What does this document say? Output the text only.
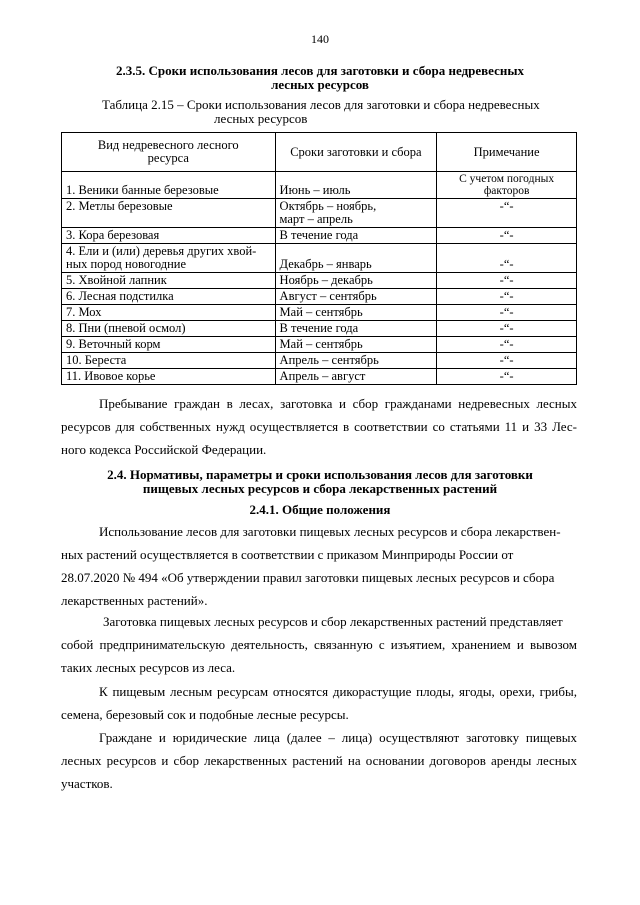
140
2.3.5. Сроки использования лесов для заготовки и сбора недревесных
лесных ресурсов
Таблица 2.15 – Сроки использования лесов для заготовки и сбора недревесных
лесных ресурсов
Вид недревесного лесного
ресурса	Сроки заготовки и сбора	Примечание
1. Веники банные березовые	Июнь – июль	С учетом погодных
факторов

2. Метлы березовые	Октябрь – ноябрь,
март – апрель	-“-
3. Кора березовая	В течение года	-“-

4. Ели и (или) деревья других хвой-
ных пород новогодние	Декабрь – январь	-“-
5. Хвойной лапник	Ноябрь – декабрь	-“-
6. Лесная подстилка	Август – сентябрь	-“-
7. Мох	Май – сентябрь	-“-
8. Пни (пневой осмол)	В течение года	-“-
9. Веточный корм	Май – сентябрь	-“-
10. Береста	Апрель – сентябрь	-“-
11. Ивовое корье	Апрель – август	-“-

Пребывание граждан в лесах, заготовка и сбор гражданами недревесных лесных
ресурсов для собственных нужд осуществляется в соответствии со статьями 11 и 33 Лес-
ного кодекса Российской Федерации.

2.4. Нормативы, параметры и сроки использования лесов для заготовки
пищевых лесных ресурсов и сбора лекарственных растений
2.4.1. Общие положения

Использование лесов для заготовки пищевых лесных ресурсов и сбора лекарствен-
ных растений осуществляется в соответствии с приказом Минприроды России от
28.07.2020 № 494 «Об утверждении правил заготовки пищевых лесных ресурсов и сбора
лекарственных растений».

Заготовка пищевых лесных ресурсов и сбор лекарственных растений представляет
собой предпринимательскую деятельность, связанную с изъятием, хранением и вывозом
таких лесных ресурсов из леса.

К пищевым лесным ресурсам относятся дикорастущие плоды, ягоды, орехи, грибы,
семена, березовый сок и подобные лесные ресурсы.

Граждане и юридические лица (далее – лица) осуществляют заготовку пищевых
лесных ресурсов и сбор лекарственных растений на основании договоров аренды лесных
участков.
